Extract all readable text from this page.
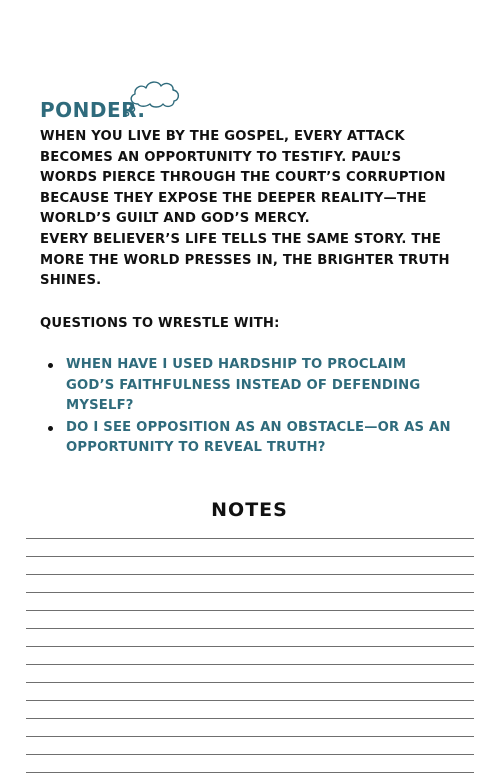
PONDER.

WHEN YOU LIVE BY THE GOSPEL, EVERY ATTACK BECOMES AN OPPORTUNITY TO TESTIFY. PAUL’S WORDS PIERCE THROUGH THE COURT’S CORRUPTION BECAUSE THEY EXPOSE THE DEEPER REALITY—THE WORLD’S GUILT AND GOD’S MERCY.

EVERY BELIEVER’S LIFE TELLS THE SAME STORY. THE MORE THE WORLD PRESSES IN, THE BRIGHTER TRUTH SHINES.

QUESTIONS TO WRESTLE WITH:
WHEN HAVE I USED HARDSHIP TO PROCLAIM GOD’S FAITHFULNESS INSTEAD OF DEFENDING MYSELF?
DO I SEE OPPOSITION AS AN OBSTACLE—OR AS AN OPPORTUNITY TO REVEAL TRUTH?
NOTES
